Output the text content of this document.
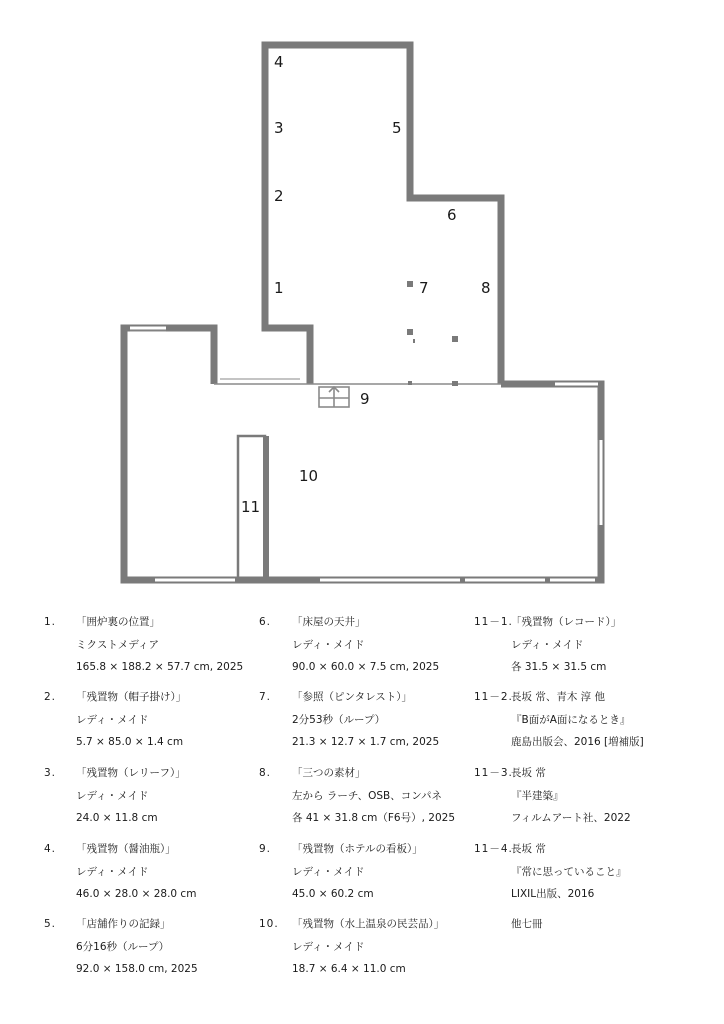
4
3
2
1
5
6
7	8
9
10
11
1. 「囲炉裏の位置」
ミクストメディア
165.8 × 188.2 × 57.7 cm, 2025
2. 「残置物（帽子掛け）」
レディ・メイド
5.7 × 85.0 × 1.4 cm
3. 「残置物（レリーフ）」
レディ・メイド
24.0 × 11.8 cm
4. 「残置物（醤油瓶）」
レディ・メイド
46.0 × 28.0 × 28.0 cm
5. 「店舗作りの記録」
6分16秒（ループ）
92.0 × 158.0 cm, 2025
6. 「床屋の天井」
レディ・メイド
90.0 × 60.0 × 7.5 cm, 2025
7. 「参照（ピンタレスト）」
2分53秒（ループ）
21.3 × 12.7 × 1.7 cm, 2025
8. 「三つの素材」
左から ラーチ、OSB、コンパネ
各 41 × 31.8 cm（F6号）, 2025
9. 「残置物（ホテルの看板）」
レディ・メイド
45.0 × 60.2 cm
10. 「残置物（水上温泉の民芸品）」
レディ・メイド
18.7 × 6.4 × 11.0 cm
11－1.
「残置物（レコード）」
レディ・メイド
各 31.5 × 31.5 cm
11－2.
長坂 常、青木 淳 他
『B面がA面になるとき』
鹿島出版会、2016 [増補版]
11－3.
長坂 常
『半建築』
フィルムアート社、2022
11－4.
長坂 常
『常に思っていること』
LIXIL出版、2016
他七冊
